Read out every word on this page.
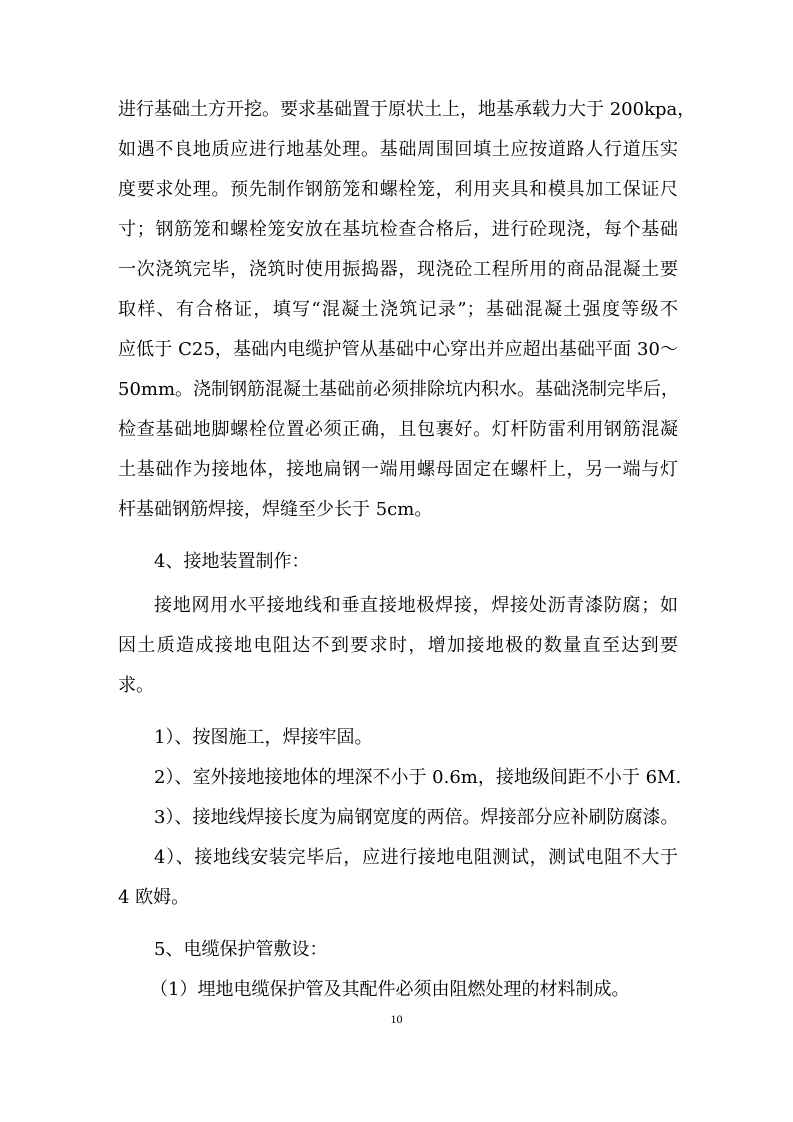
进行基础土方开挖。要求基础置于原状土上，地基承载力大于 200kpa，
如遇不良地质应进行地基处理。基础周围回填土应按道路人行道压实
度要求处理。预先制作钢筋笼和螺栓笼，利用夹具和模具加工保证尺
寸；钢筋笼和螺栓笼安放在基坑检查合格后，进行砼现浇，每个基础
一次浇筑完毕，浇筑时使用振捣器，现浇砼工程所用的商品混凝土要
取样、有合格证，填写“混凝土浇筑记录”；基础混凝土强度等级不
应低于 C25，基础内电缆护管从基础中心穿出并应超出基础平面 30～
50mm。浇制钢筋混凝土基础前必须排除坑内积水。基础浇制完毕后，
检查基础地脚螺栓位置必须正确，且包裹好。灯杆防雷利用钢筋混凝
土基础作为接地体，接地扁钢一端用螺母固定在螺杆上，另一端与灯
杆基础钢筋焊接，焊缝至少长于 5cm。
4、接地装置制作：
接地网用水平接地线和垂直接地极焊接，焊接处沥青漆防腐；如
因土质造成接地电阻达不到要求时，增加接地极的数量直至达到要
求。
1）、按图施工，焊接牢固。
2）、室外接地接地体的埋深不小于 0.6m，接地级间距不小于 6M.
3）、接地线焊接长度为扁钢宽度的两倍。焊接部分应补刷防腐漆。
4）、接地线安装完毕后，应进行接地电阻测试，测试电阻不大于
4 欧姆。
5、电缆保护管敷设：
（1）埋地电缆保护管及其配件必须由阻燃处理的材料制成。
10
